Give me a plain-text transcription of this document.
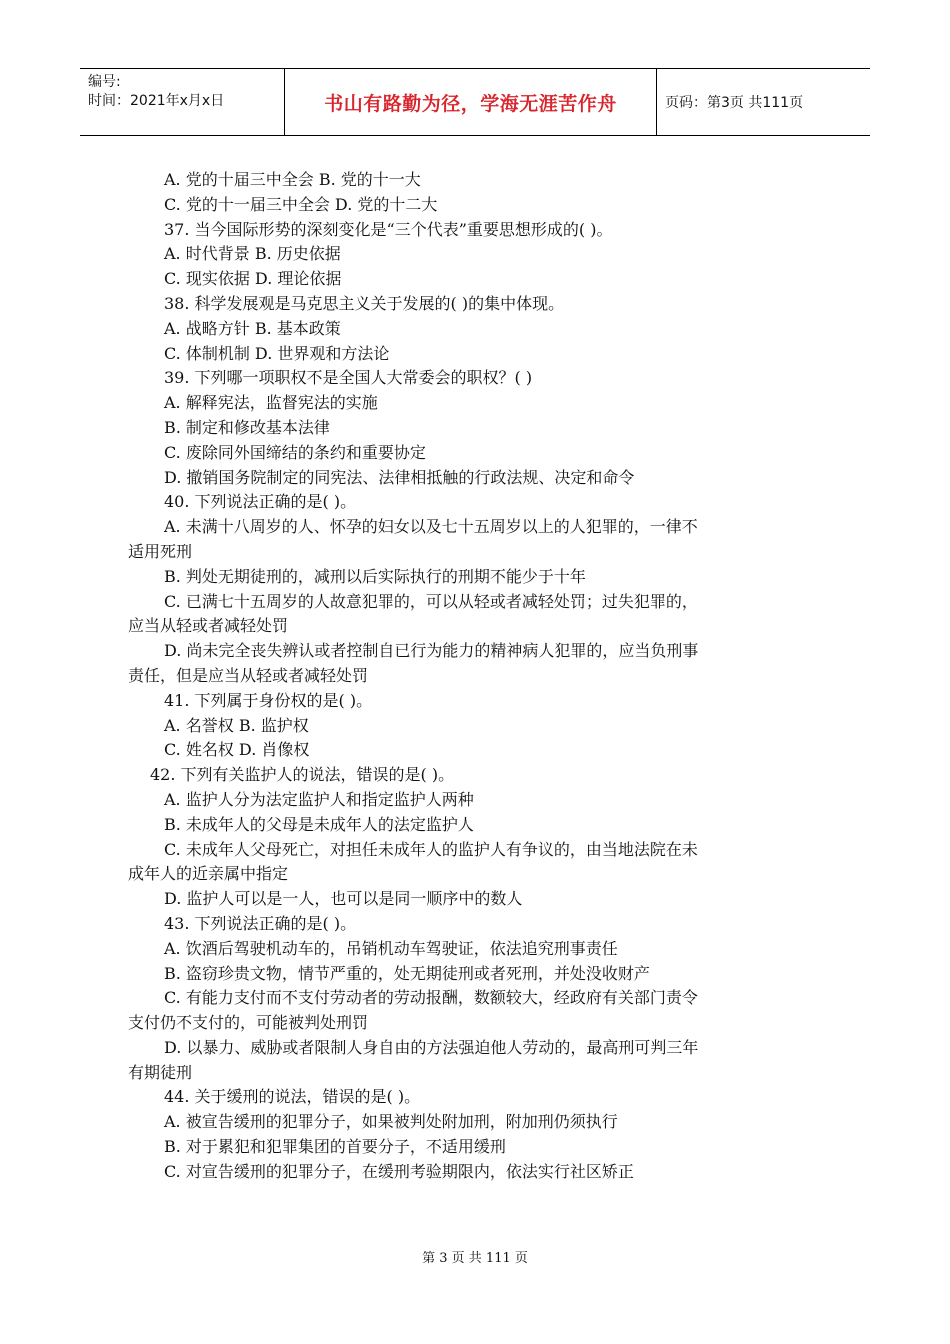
编号:
时间：2021年x月x日	书山有路勤为径，学海无涯苦作舟	页码：第3页 共111页
A. 党的十届三中全会 B. 党的十一大
C. 党的十一届三中全会 D. 党的十二大
37. 当今国际形势的深刻变化是“三个代表”重要思想形成的( )。
A. 时代背景 B. 历史依据
C. 现实依据 D. 理论依据
38. 科学发展观是马克思主义关于发展的( )的集中体现。
A. 战略方针 B. 基本政策
C. 体制机制 D. 世界观和方法论
39. 下列哪一项职权不是全国人大常委会的职权？( )
A. 解释宪法，监督宪法的实施
B. 制定和修改基本法律
C. 废除同外国缔结的条约和重要协定
D. 撤销国务院制定的同宪法、法律相抵触的行政法规、决定和命令
40. 下列说法正确的是( )。
A. 未满十八周岁的人、怀孕的妇女以及七十五周岁以上的人犯罪的，一律不
适用死刑
B. 判处无期徒刑的，减刑以后实际执行的刑期不能少于十年
C. 已满七十五周岁的人故意犯罪的，可以从轻或者减轻处罚；过失犯罪的，
应当从轻或者减轻处罚
D. 尚未完全丧失辨认或者控制自已行为能力的精神病人犯罪的，应当负刑事
责任，但是应当从轻或者减轻处罚
41. 下列属于身份权的是( )。
A. 名誉权 B. 监护权
C. 姓名权 D. 肖像权
42. 下列有关监护人的说法，错误的是( )。
A. 监护人分为法定监护人和指定监护人两种
B. 未成年人的父母是未成年人的法定监护人
C. 未成年人父母死亡，对担任未成年人的监护人有争议的，由当地法院在未
成年人的近亲属中指定
D. 监护人可以是一人，也可以是同一顺序中的数人
43. 下列说法正确的是( )。
A. 饮酒后驾驶机动车的，吊销机动车驾驶证，依法追究刑事责任
B. 盗窃珍贵文物，情节严重的，处无期徒刑或者死刑，并处没收财产
C. 有能力支付而不支付劳动者的劳动报酬，数额较大，经政府有关部门责令
支付仍不支付的，可能被判处刑罚
D. 以暴力、威胁或者限制人身自由的方法强迫他人劳动的，最高刑可判三年
有期徒刑
44. 关于缓刑的说法，错误的是( )。
A. 被宣告缓刑的犯罪分子，如果被判处附加刑，附加刑仍须执行
B. 对于累犯和犯罪集团的首要分子，不适用缓刑
C. 对宣告缓刑的犯罪分子，在缓刑考验期限内，依法实行社区矫正
第 3 页 共 111 页
